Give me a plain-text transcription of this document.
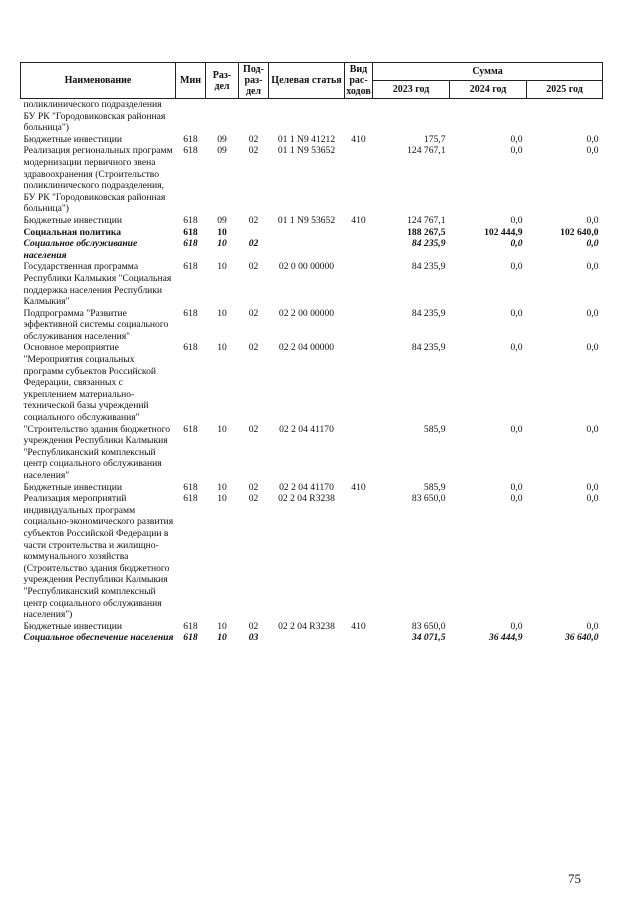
Наименование	Мин	Раз-дел	Под-раз-дел	Целевая статья	Вид рас-ходов	Сумма		
						2023 год	2024 год	2025 год
поликлинического подразделения БУ РК "Городовиковская районная больница")								
Бюджетные инвестиции	618	09	02	01 1 N9 41212	410	175,7	0,0	0,0
Реализация региональных программ модернизации первичного звена здравоохранения (Строительство поликлинического подразделения, БУ РК "Городовиковская районная больница")	618	09	02	01 1 N9 53652		124 767,1	0,0	0,0
Бюджетные инвестиции	618	09	02	01 1 N9 53652	410	124 767,1	0,0	0,0
Социальная политика	618	10				188 267,5	102 444,9	102 640,0
Социальное обслуживание населения	618	10	02			84 235,9	0,0	0,0
Государственная программа Республики Калмыкия "Социальная поддержка населения Республики Калмыкия"	618	10	02	02 0 00 00000		84 235,9	0,0	0,0
Подпрограмма "Развитие эффективной системы социального обслуживания населения"	618	10	02	02 2 00 00000		84 235,9	0,0	0,0
Основное мероприятие "Мероприятия социальных программ субъектов Российской Федерации, связанных с укреплением материально-технической базы учреждений социального обслуживания"	618	10	02	02 2 04 00000		84 235,9	0,0	0,0
"Строительство здания бюджетного учреждения Республики Калмыкия "Республиканский комплексный центр социального обслуживания населения"	618	10	02	02 2 04 41170		585,9	0,0	0,0
Бюджетные инвестиции	618	10	02	02 2 04 41170	410	585,9	0,0	0,0
Реализация мероприятий индивидуальных программ социально-экономического развития субъектов Российской Федерации в части строительства и жилищно-коммунального хозяйства (Строительство здания бюджетного учреждения Республики Калмыкия "Республиканский комплексный центр социального обслуживания населения")	618	10	02	02 2 04 R3238		83 650,0	0,0	0,0
Бюджетные инвестиции	618	10	02	02 2 04 R3238	410	83 650,0	0,0	0,0
Социальное обеспечение населения	618	10	03			34 071,5	36 444,9	36 640,0
75
